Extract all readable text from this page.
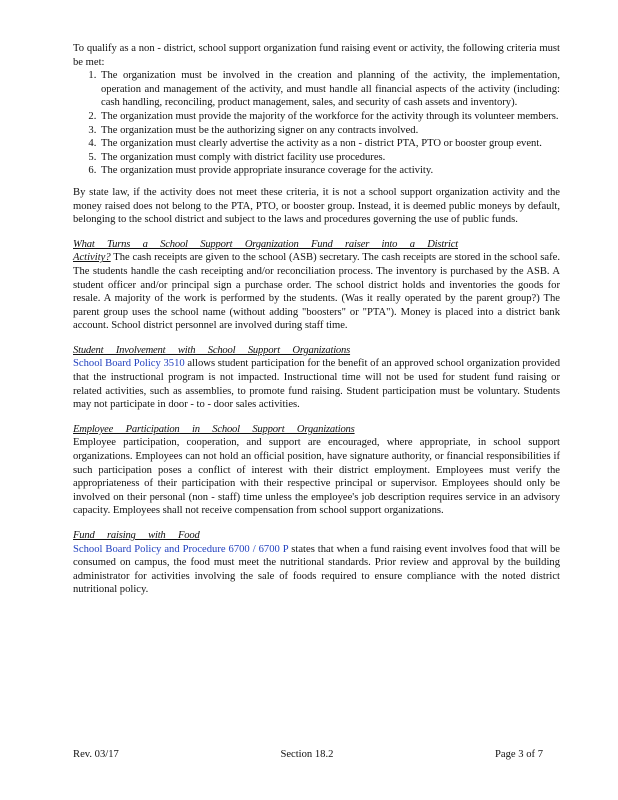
To qualify as a non - district, school support organization fund raising event or activity, the following criteria must be met:

1. The organization must be involved in the creation and planning of the activity, the implementation, operation and management of the activity, and must handle all financial aspects of the activity (including: cash handling, reconciling, product management, sales, and security of cash assets and inventory).
2. The organization must provide the majority of the workforce for the activity through its volunteer members.
3. The organization must be the authorizing signer on any contracts involved.
4. The organization must clearly advertise the activity as a non - district PTA, PTO or booster group event.
5. The organization must comply with district facility use procedures.
6. The organization must provide appropriate insurance coverage for the activity.

By state law, if the activity does not meet these criteria, it is not a school support organization activity and the money raised does not belong to the PTA, PTO, or booster group. Instead, it is deemed public moneys by default, belonging to the school district and subject to the laws and procedures governing the use of public funds.

What Turns a School Support Organization Fund raiser into a District

Activity? The cash receipts are given to the school (ASB) secretary. The cash receipts are stored in the school safe. The students handle the cash receipting and/or reconciliation process. The inventory is purchased by the ASB. A student officer and/or principal sign a purchase order. The school district holds and inventories the goods for resale. A majority of the work is performed by the students. (Was it really operated by the parent group?) The parent group uses the school name (without adding "boosters" or "PTA"). Money is placed into a district bank account. School district personnel are involved during staff time.

Student Involvement with School Support Organizations

School Board Policy 3510 allows student participation for the benefit of an approved school organization provided that the instructional program is not impacted. Instructional time will not be used for student fund raising or related activities, such as assemblies, to promote fund raising. Student participation must be voluntary. Students may not participate in door - to - door sales activities.

Employee Participation in School Support Organizations

Employee participation, cooperation, and support are encouraged, where appropriate, in school support organizations. Employees can not hold an official position, have signature authority, or financial responsibilities if such participation poses a conflict of interest with their district employment. Employees must verify the appropriateness of their participation with their respective principal or supervisor. Employees should only be involved on their personal (non - staff) time unless the employee's job description requires service in an advisory capacity. Employees shall not receive compensation from school support organizations.

Fund raising with Food

School Board Policy and Procedure 6700 / 6700 P states that when a fund raising event involves food that will be consumed on campus, the food must meet the nutritional standards. Prior review and approval by the building administrator for activities involving the sale of foods required to ensure compliance with the noted district nutritional policy.

Rev. 03/17	Section 18.2	Page 3 of 7
